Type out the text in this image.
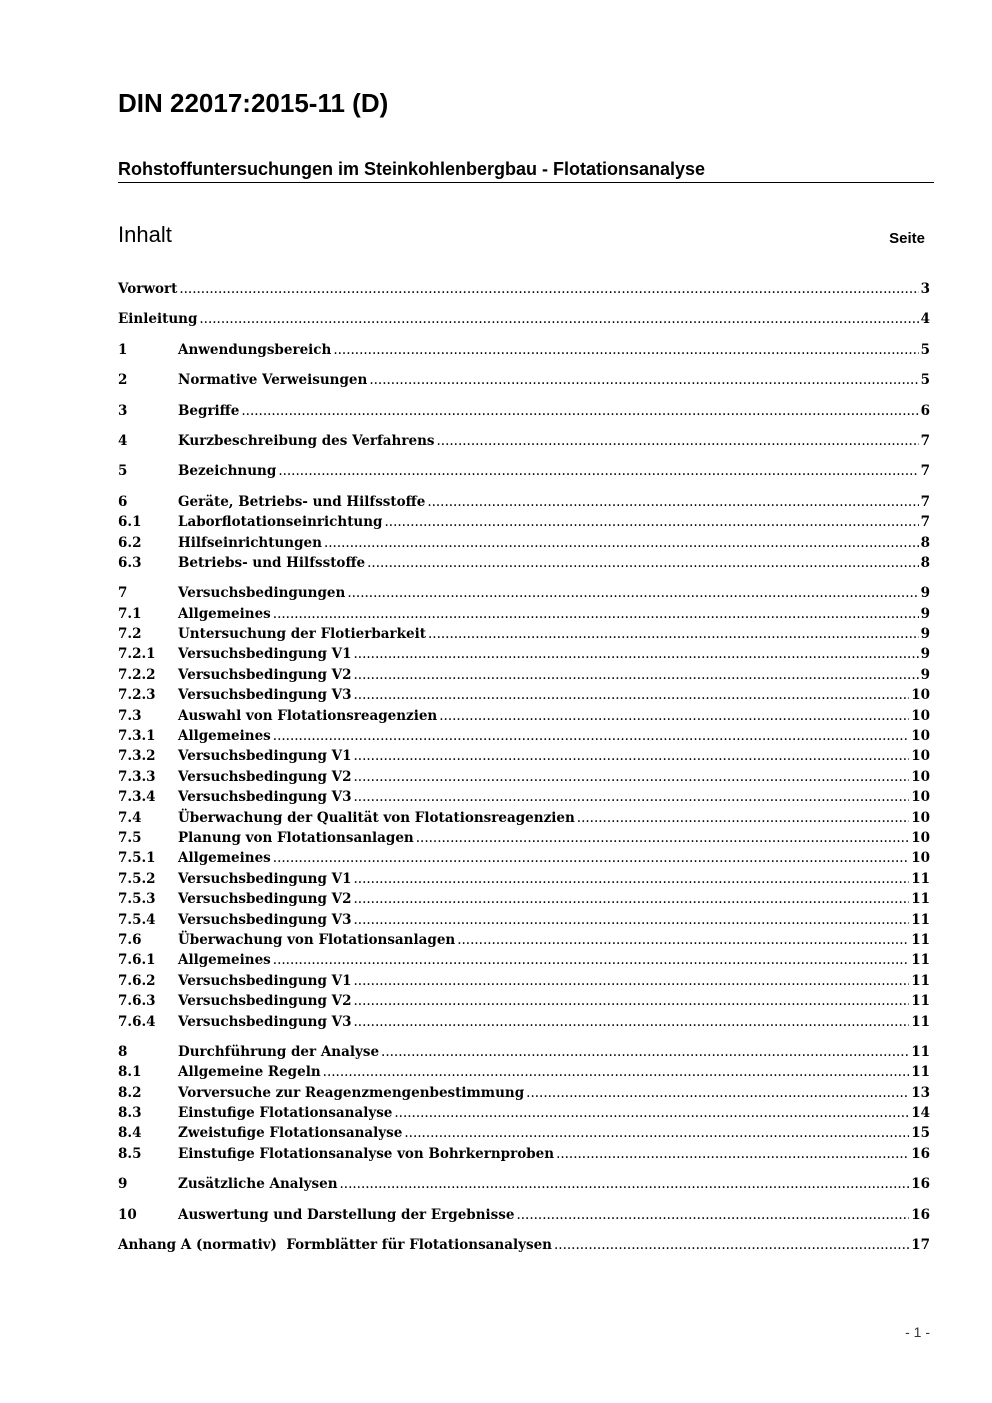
DIN 22017:2015-11 (D)
Rohstoffuntersuchungen im Steinkohlenbergbau - Flotationsanalyse
Inhalt	Seite
Vorwort .....	3
Einleitung .....	4
1	Anwendungsbereich .....	5
2	Normative Verweisungen .....	5
3	Begriffe .....	6
4	Kurzbeschreibung des Verfahrens .....	7
5	Bezeichnung .....	7
6	Geräte, Betriebs- und Hilfsstoffe .....	7
6.1	Laborflotationseinrichtung .....	7
6.2	Hilfseinrichtungen .....	8
6.3	Betriebs- und Hilfsstoffe .....	8
7	Versuchsbedingungen .....	9
7.1	Allgemeines .....	9
7.2	Untersuchung der Flotierbarkeit .....	9
7.2.1	Versuchsbedingung V1 .....	9
7.2.2	Versuchsbedingung V2 .....	9
7.2.3	Versuchsbedingung V3 .....	10
7.3	Auswahl von Flotationsreagenzien .....	10
7.3.1	Allgemeines .....	10
7.3.2	Versuchsbedingung V1 .....	10
7.3.3	Versuchsbedingung V2 .....	10
7.3.4	Versuchsbedingung V3 .....	10
7.4	Überwachung der Qualität von Flotationsreagenzien .....	10
7.5	Planung von Flotationsanlagen .....	10
7.5.1	Allgemeines .....	10
7.5.2	Versuchsbedingung V1 .....	11
7.5.3	Versuchsbedingung V2 .....	11
7.5.4	Versuchsbedingung V3 .....	11
7.6	Überwachung von Flotationsanlagen .....	11
7.6.1	Allgemeines .....	11
7.6.2	Versuchsbedingung V1 .....	11
7.6.3	Versuchsbedingung V2 .....	11
7.6.4	Versuchsbedingung V3 .....	11
8	Durchführung der Analyse .....	11
8.1	Allgemeine Regeln .....	11
8.2	Vorversuche zur Reagenzmengenbestimmung .....	13
8.3	Einstufige Flotationsanalyse .....	14
8.4	Zweistufige Flotationsanalyse .....	15
8.5	Einstufige Flotationsanalyse von Bohrkernproben .....	16
9	Zusätzliche Analysen .....	16
10	Auswertung und Darstellung der Ergebnisse .....	16
Anhang A (normativ)  Formblätter für Flotationsanalysen .....	17
- 1 -
